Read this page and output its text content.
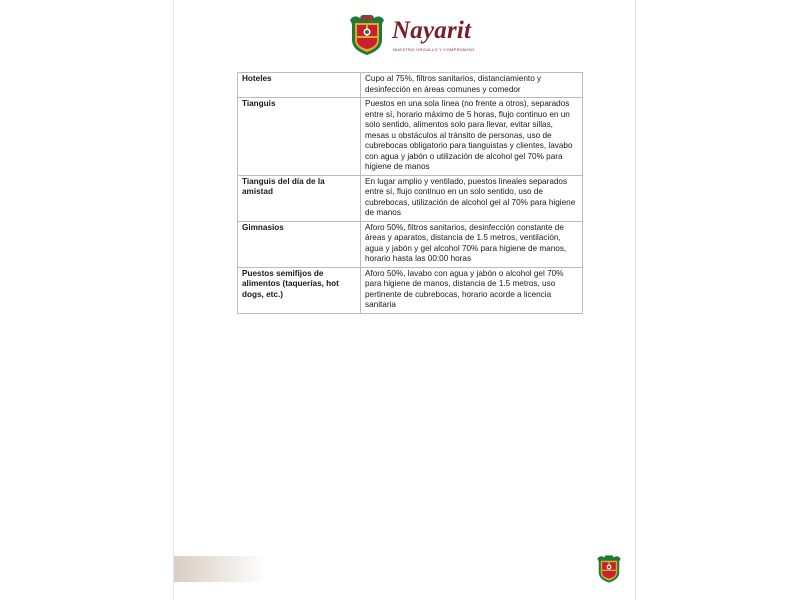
Nayarit
NUESTRO ORGULLO Y COMPROMISO
Hoteles	Cupo al 75%, filtros sanitarios, distanciamiento y desinfección en áreas comunes y comedor
Tianguis	Puestos en una sola línea (no frente a otros), separados entre sí, horario máximo de 5 horas, flujo continuo en un solo sentido, alimentos solo para llevar, evitar sillas, mesas u obstáculos al tránsito de personas, uso de cubrebocas obligatorio para tianguistas y clientes, lavabo con agua y jabón o utilización de alcohol gel 70% para higiene de manos
Tianguis del día de la amistad	En lugar amplio y ventilado, puestos lineales separados entre sí, flujo continuo en un solo sentido, uso de cubrebocas, utilización de alcohol gel al 70% para higiene de manos
Gimnasios	Aforo 50%, filtros sanitarios, desinfección constante de áreas y aparatos, distancia de 1.5 metros, ventilación, agua y jabón y gel alcohol 70% para higiene de manos, horario hasta las 00:00 horas
Puestos semifijos de alimentos (taquerías, hot dogs, etc.)	Aforo 50%, lavabo con agua y jabón o alcohol gel 70% para higiene de manos, distancia de 1.5 metros, uso pertinente de cubrebocas, horario acorde a licencia sanitaria
